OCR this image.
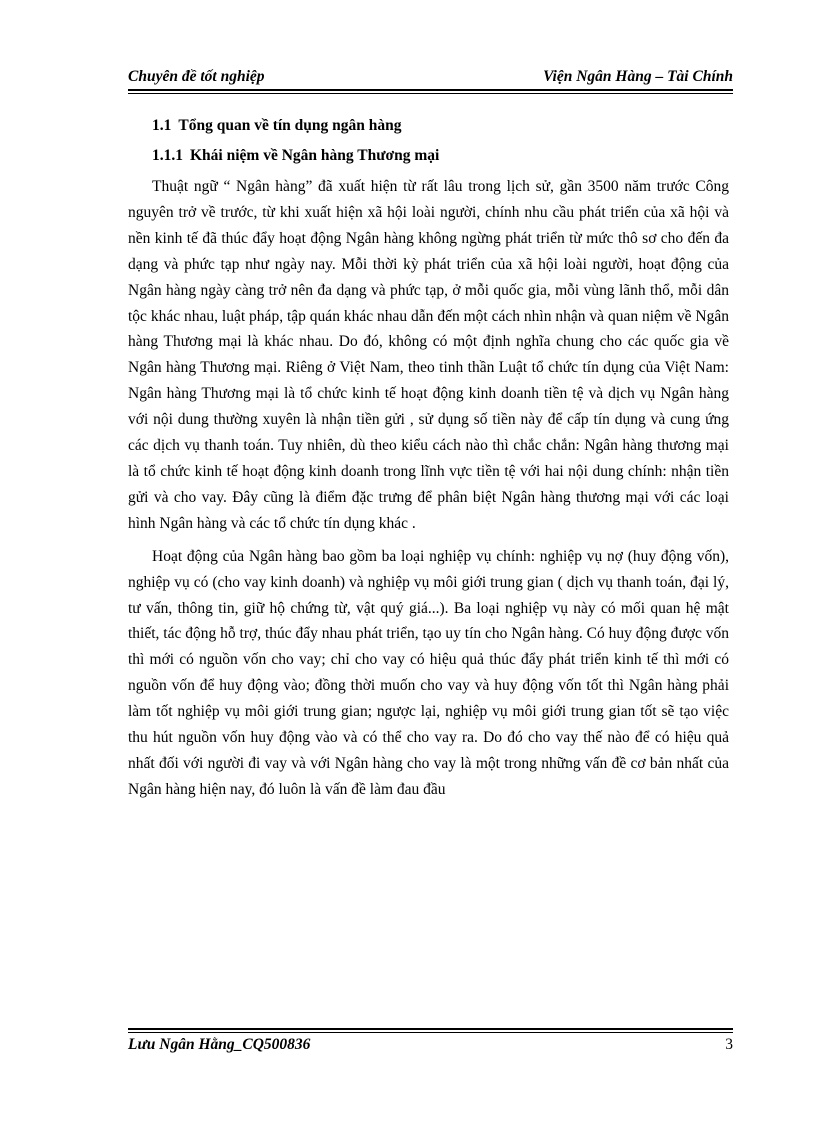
Chuyên đề tốt nghiệp	Viện Ngân Hàng – Tài Chính

1.1 Tổng quan về tín dụng ngân hàng

1.1.1 Khái niệm về Ngân hàng Thương mại

Thuật ngữ “ Ngân hàng” đã xuất hiện từ rất lâu trong lịch sử, gần 3500 năm trước Công nguyên trở về trước, từ khi xuất hiện xã hội loài người, chính nhu cầu phát triển của xã hội và nền kinh tế đã thúc đẩy hoạt động Ngân hàng không ngừng phát triển từ mức thô sơ cho đến đa dạng và phức tạp như ngày nay. Mỗi thời kỳ phát triển của xã hội loài người, hoạt động của Ngân hàng ngày càng trở nên đa dạng và phức tạp, ở mỗi quốc gia, mỗi vùng lãnh thổ, mỗi dân tộc khác nhau, luật pháp, tập quán khác nhau dẫn đến một cách nhìn nhận và quan niệm về Ngân hàng Thương mại là khác nhau. Do đó, không có một định nghĩa chung cho các quốc gia về Ngân hàng Thương mại. Riêng ở Việt Nam, theo tinh thần Luật tổ chức tín dụng của Việt Nam: Ngân hàng Thương mại là tổ chức kinh tế hoạt động kinh doanh tiền tệ và dịch vụ Ngân hàng với nội dung thường xuyên là nhận tiền gửi , sử dụng số tiền này để cấp tín dụng và cung ứng các dịch vụ thanh toán. Tuy nhiên, dù theo kiểu cách nào thì chắc chắn: Ngân hàng thương mại là tổ chức kinh tế hoạt động kinh doanh trong lĩnh vực tiền tệ với hai nội dung chính: nhận tiền gửi và cho vay. Đây cũng là điểm đặc trưng để phân biệt Ngân hàng thương mại với các loại hình Ngân hàng và các tổ chức tín dụng khác .

Hoạt động của Ngân hàng bao gồm ba loại nghiệp vụ chính: nghiệp vụ nợ (huy động vốn), nghiệp vụ có (cho vay kinh doanh) và nghiệp vụ môi giới trung gian ( dịch vụ thanh toán, đại lý, tư vấn, thông tin, giữ hộ chứng từ, vật quý giá...). Ba loại nghiệp vụ này có mối quan hệ mật thiết, tác động hỗ trợ, thúc đẩy nhau phát triển, tạo uy tín cho Ngân hàng. Có huy động được vốn thì mới có nguồn vốn cho vay; chỉ cho vay có hiệu quả thúc đẩy phát triển kinh tế thì mới có nguồn vốn để huy động vào; đồng thời muốn cho vay và huy động vốn tốt thì Ngân hàng phải làm tốt nghiệp vụ môi giới trung gian; ngược lại, nghiệp vụ môi giới trung gian tốt sẽ tạo việc thu hút nguồn vốn huy động vào và có thể cho vay ra. Do đó cho vay thế nào để có hiệu quả nhất đối với người đi vay và với Ngân hàng cho vay là một trong những vấn đề cơ bản nhất của Ngân hàng hiện nay, đó luôn là vấn đề làm đau đầu

Lưu Ngân Hằng_CQ500836	3
